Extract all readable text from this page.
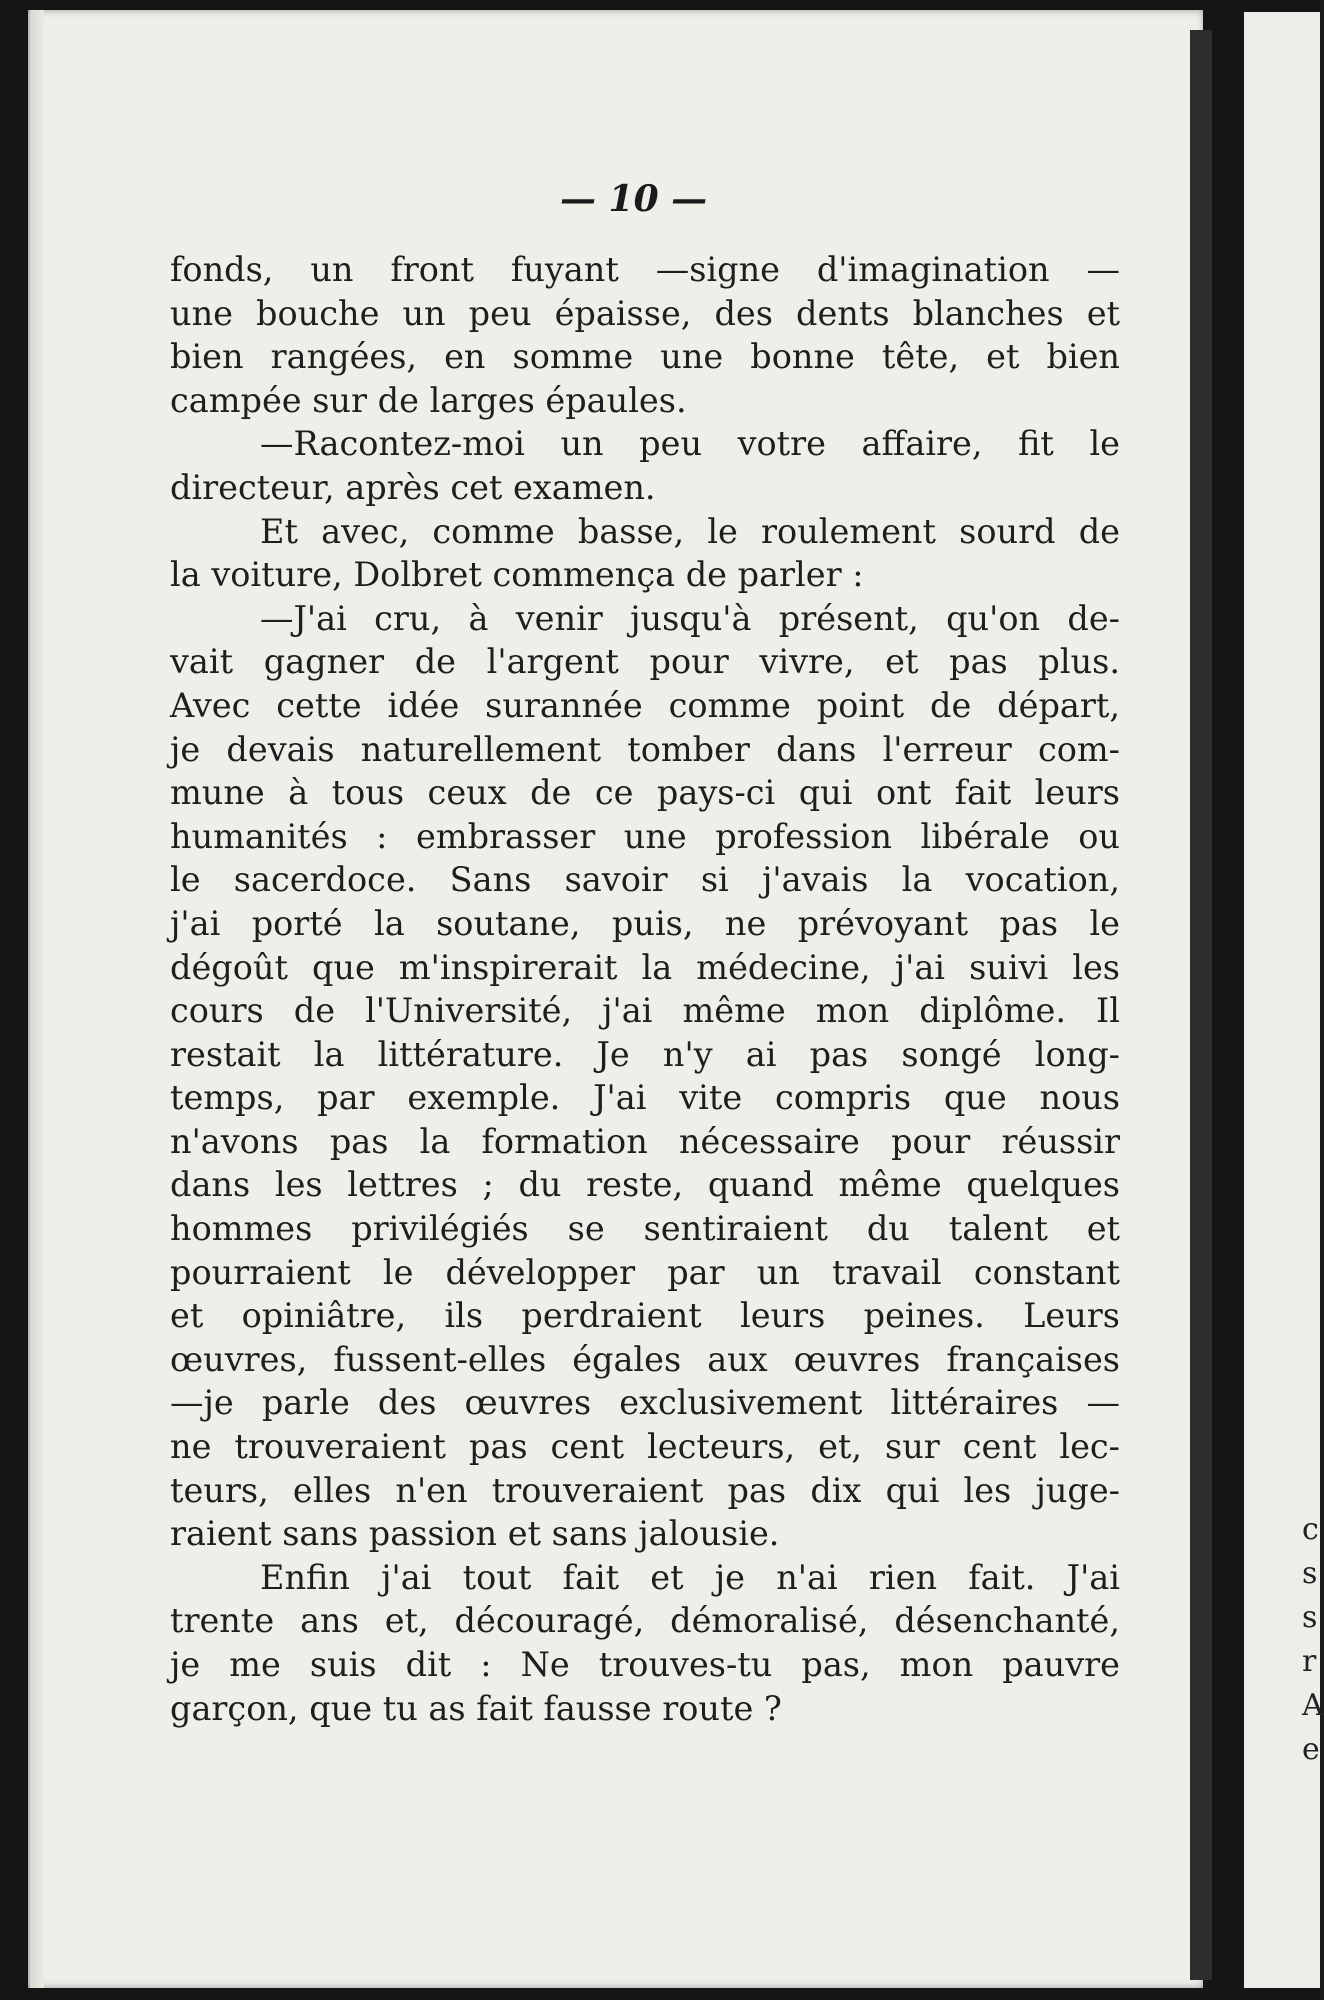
c
s
s
r
A
e
— 10 —
fonds, un front fuyant —signe d'imagination —
une bouche un peu épaisse, des dents blanches et
bien rangées, en somme une bonne tête, et bien
campée sur de larges épaules.
—Racontez-moi un peu votre affaire, fit le
directeur, après cet examen.
Et avec, comme basse, le roulement sourd de
la voiture, Dolbret commença de parler :
—J'ai cru, à venir jusqu'à présent, qu'on de-
vait gagner de l'argent pour vivre, et pas plus.
Avec cette idée surannée comme point de départ,
je devais naturellement tomber dans l'erreur com-
mune à tous ceux de ce pays-ci qui ont fait leurs
humanités : embrasser une profession libérale ou
le sacerdoce. Sans savoir si j'avais la vocation,
j'ai porté la soutane, puis, ne prévoyant pas le
dégoût que m'inspirerait la médecine, j'ai suivi les
cours de l'Université, j'ai même mon diplôme. Il
restait la littérature. Je n'y ai pas songé long-
temps, par exemple. J'ai vite compris que nous
n'avons pas la formation nécessaire pour réussir
dans les lettres ; du reste, quand même quelques
hommes privilégiés se sentiraient du talent et
pourraient le développer par un travail constant
et opiniâtre, ils perdraient leurs peines. Leurs
œuvres, fussent-elles égales aux œuvres françaises
—je parle des œuvres exclusivement littéraires —
ne trouveraient pas cent lecteurs, et, sur cent lec-
teurs, elles n'en trouveraient pas dix qui les juge-
raient sans passion et sans jalousie.
Enfin j'ai tout fait et je n'ai rien fait. J'ai
trente ans et, découragé, démoralisé, désenchanté,
je me suis dit : Ne trouves-tu pas, mon pauvre
garçon, que tu as fait fausse route ?
